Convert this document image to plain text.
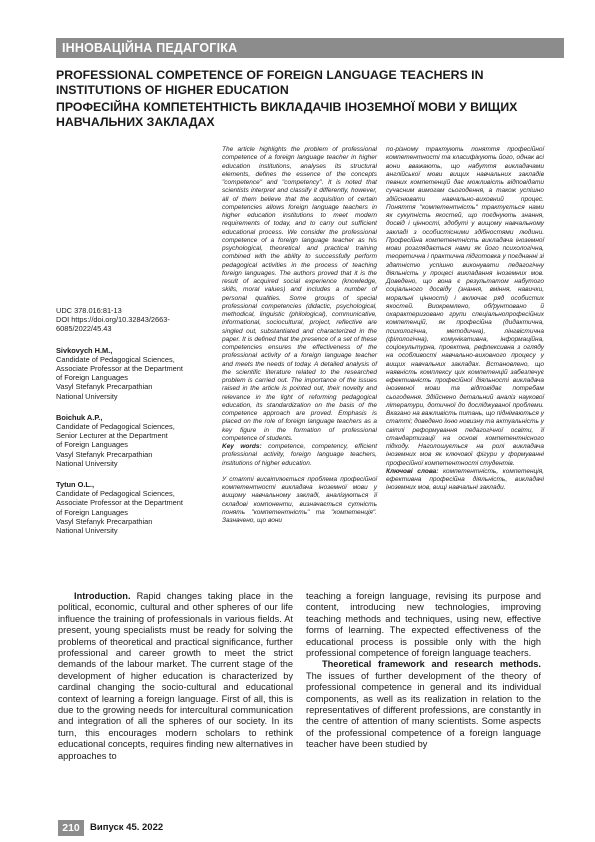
ІННОВАЦІЙНА ПЕДАГОГІКА
PROFESSIONAL COMPETENCE OF FOREIGN LANGUAGE TEACHERS IN INSTITUTIONS OF HIGHER EDUCATION
ПРОФЕСІЙНА КОМПЕТЕНТНІСТЬ ВИКЛАДАЧІВ ІНОЗЕМНОЇ МОВИ У ВИЩИХ НАВЧАЛЬНИХ ЗАКЛАДАХ
UDC 378.016:81-13
DOI https://doi.org/10.32843/2663-
6085/2022/45.43
Sivkovych H.M.,
Candidate of Pedagogical Sciences,
Associate Professor at the Department
of Foreign Languages
Vasyl Stefanyk Precarpathian
National University
Boichuk A.P.,
Candidate of Pedagogical Sciences,
Senior Lecturer at the Department
of Foreign Languages
Vasyl Stefanyk Precarpathian
National University
Tytun O.L.,
Candidate of Pedagogical Sciences,
Associate Professor at the Department
of Foreign Languages
Vasyl Stefanyk Precarpathian
National University

The article highlights the problem of professional competence of a foreign language teacher in higher education institutions, analyses its structural elements, defines the essence of the concepts "competence" and "competency". It is noted that scientists interpret and classify it differently, however, all of them believe that the acquisition of certain competencies allows foreign language teachers in higher education institutions to meet modern requirements of today, and to carry out sufficient educational process. We consider the professional competence of a foreign language teacher as his psychological, theoretical and practical training combined with the ability to successfully perform pedagogical activities in the process of teaching foreign languages. The authors proved that it is the result of acquired social experience (knowledge, skills, moral values) and includes a number of personal qualities. Some groups of special professional competencies (didactic, psychological, methodical, linguistic (philological), communicative, informational, sociocultural, project, reflective are singled out, substantiated and characterized in the paper. It is defined that the presence of a set of these competencies ensures the effectiveness of the professional activity of a foreign language teacher and meets the needs of today. A detailed analysis of the scientific literature related to the researched problem is carried out. The importance of the issues raised in the article is pointed out, their novelty and relevance in the light of reforming pedagogical education, its standardization on the basis of the competence approach are proved. Emphasis is placed on the role of foreign language teachers as a key figure in the formation of professional competence of students.

Key words: competence, competency, efficient professional activity, foreign language teachers, institutions of higher education.

У статті висвітлюється проблема професійної компетентності викладача іноземної мови у вищому навчальному закладі, аналізуються її складові компоненти, визначається сутність понять "компетентність" та "компетенція". Зазначено, що вони

по-різному трактують поняття професійної компетентності та класифікують його, однак всі вони вважають, що набуття викладачами англійської мови вищих навчальних закладів певних компетенцій дає можливість відповідати сучасним вимогам сьогодення, а також успішно здійснювати навчально-виховний процес. Поняття "компетентність" трактується нами як сукупність якостей, що поєднують знання, досвід і цінності, здобуті у вищому навчальному закладі з особистісними здібностями людини. Професійна компетентність викладача іноземної мови розглядається нами як його психологічна, теоретична і практична підготовка у поєднанні зі здатністю успішно виконувати педагогічну діяльність у процесі викладання іноземних мов. Доведено, що вона є результатом набутого соціального досвіду (знання, вміння, навички, моральні цінності) і включає ряд особистих якостей. Виокремлено, обґрунтовано й охарактеризовано групи спеціальнопрофесійних компетенцій, як професійна (дидактична, психологічна, методична), лінгвістична (філологічна), комунікативна, інформаційна, соціокультурна, проектна, рефлексивна з огляду на особливості навчально-виховного процесу у вищих навчальних закладах. Встановлено, що наявність комплексу цих компетенцій забезпечує ефективність професійної діяльності викладача іноземної мови та відповідає потребам сьогодення. Здійснено детальний аналіз наукової літератури, дотичної до досліджуваної проблеми. Вказано на важливість питань, що піднімаються у статті; доведено їхню новизну та актуальність у світлі реформування педагогічної освіти, її стандартизації на основі компетентнісного підходу. Наголошується на ролі викладача іноземних мов як ключової фігури у формуванні професійної компетентності студентів.

Ключові слова: компетентність, компетенція, ефективна професійна діяльність, викладачі іноземних мов, вищі навчальні заклади.

Introduction. Rapid changes taking place in the political, economic, cultural and other spheres of our life influence the training of professionals in various fields. At present, young specialists must be ready for solving the problems of theoretical and practical significance, further professional and career growth to meet the strict demands of the labour market. The current stage of the development of higher education is characterized by cardinal changing the socio-cultural and educational context of learning a foreign language. First of all, this is due to the growing needs for intercultural communication and integration of all the spheres of our society. In its turn, this encourages modern scholars to rethink educational concepts, requires finding new alternatives in approaches to

teaching a foreign language, revising its purpose and content, introducing new technologies, improving teaching methods and techniques, using new, effective forms of learning. The expected effectiveness of the educational process is possible only with the high professional competence of foreign language teachers.

Theoretical framework and research methods. The issues of further development of the theory of professional competence in general and its individual components, as well as its realization in relation to the representatives of different professions, are constantly in the centre of attention of many scientists. Some aspects of the professional competence of a foreign language teacher have been studied by

210	Випуск 45. 2022
